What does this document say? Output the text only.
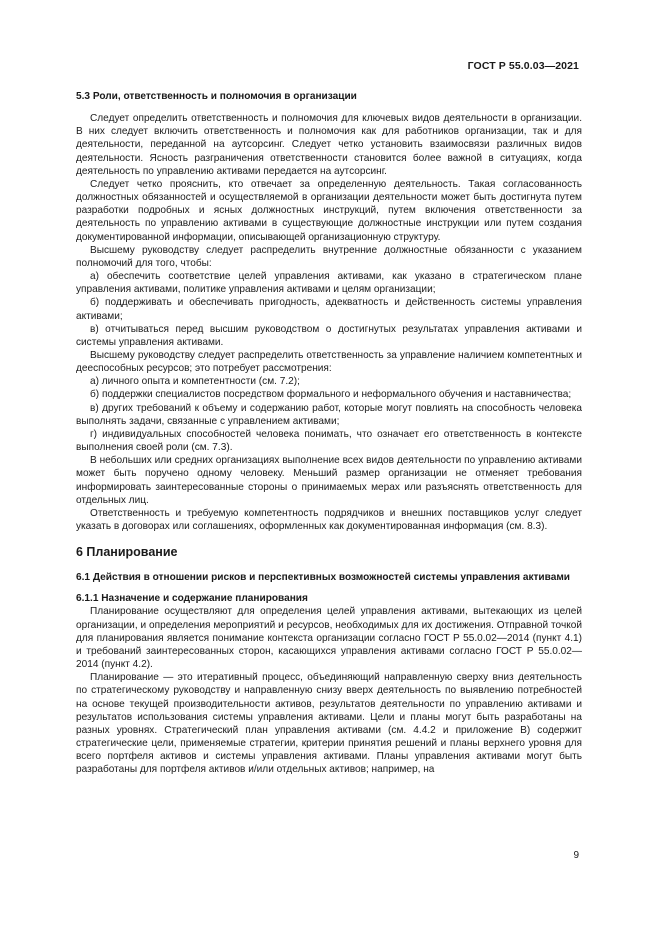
ГОСТ Р 55.0.03—2021
5.3 Роли, ответственность и полномочия в организации

Следует определить ответственность и полномочия для ключевых видов деятельности в организации. В них следует включить ответственность и полномочия как для работников организации, так и для деятельности, переданной на аутсорсинг. Следует четко установить взаимосвязи различных видов деятельности. Ясность разграничения ответственности становится более важной в ситуациях, когда деятельность по управлению активами передается на аутсорсинг.

Следует четко прояснить, кто отвечает за определенную деятельность. Такая согласованность должностных обязанностей и осуществляемой в организации деятельности может быть достигнута путем разработки подробных и ясных должностных инструкций, путем включения ответственности за деятельность по управлению активами в существующие должностные инструкции или путем создания документированной информации, описывающей организационную структуру.

Высшему руководству следует распределить внутренние должностные обязанности с указанием полномочий для того, чтобы:

а) обеспечить соответствие целей управления активами, как указано в стратегическом плане управления активами, политике управления активами и целям организации;

б) поддерживать и обеспечивать пригодность, адекватность и действенность системы управления активами;

в) отчитываться перед высшим руководством о достигнутых результатах управления активами и системы управления активами.

Высшему руководству следует распределить ответственность за управление наличием компетентных и дееспособных ресурсов; это потребует рассмотрения:

а) личного опыта и компетентности (см. 7.2);

б) поддержки специалистов посредством формального и неформального обучения и наставничества;

в) других требований к объему и содержанию работ, которые могут повлиять на способность человека выполнять задачи, связанные с управлением активами;

г) индивидуальных способностей человека понимать, что означает его ответственность в контексте выполнения своей роли (см. 7.3).

В небольших или средних организациях выполнение всех видов деятельности по управлению активами может быть поручено одному человеку. Меньший размер организации не отменяет требования информировать заинтересованные стороны о принимаемых мерах или разъяснять ответственность для отдельных лиц.

Ответственность и требуемую компетентность подрядчиков и внешних поставщиков услуг следует указать в договорах или соглашениях, оформленных как документированная информация (см. 8.3).

6 Планирование
6.1 Действия в отношении рисков и перспективных возможностей системы управления активами
6.1.1 Назначение и содержание планирования

Планирование осуществляют для определения целей управления активами, вытекающих из целей организации, и определения мероприятий и ресурсов, необходимых для их достижения. Отправной точкой для планирования является понимание контекста организации согласно ГОСТ Р 55.0.02—2014 (пункт 4.1) и требований заинтересованных сторон, касающихся управления активами согласно ГОСТ Р 55.0.02—2014 (пункт 4.2).

Планирование — это итеративный процесс, объединяющий направленную сверху вниз деятельность по стратегическому руководству и направленную снизу вверх деятельность по выявлению потребностей на основе текущей производительности активов, результатов деятельности по управлению активами и результатов использования системы управления активами. Цели и планы могут быть разработаны на разных уровнях. Стратегический план управления активами (см. 4.4.2 и приложение В) содержит стратегические цели, применяемые стратегии, критерии принятия решений и планы верхнего уровня для всего портфеля активов и системы управления активами. Планы управления активами могут быть разработаны для портфеля активов и/или отдельных активов; например, на

9
